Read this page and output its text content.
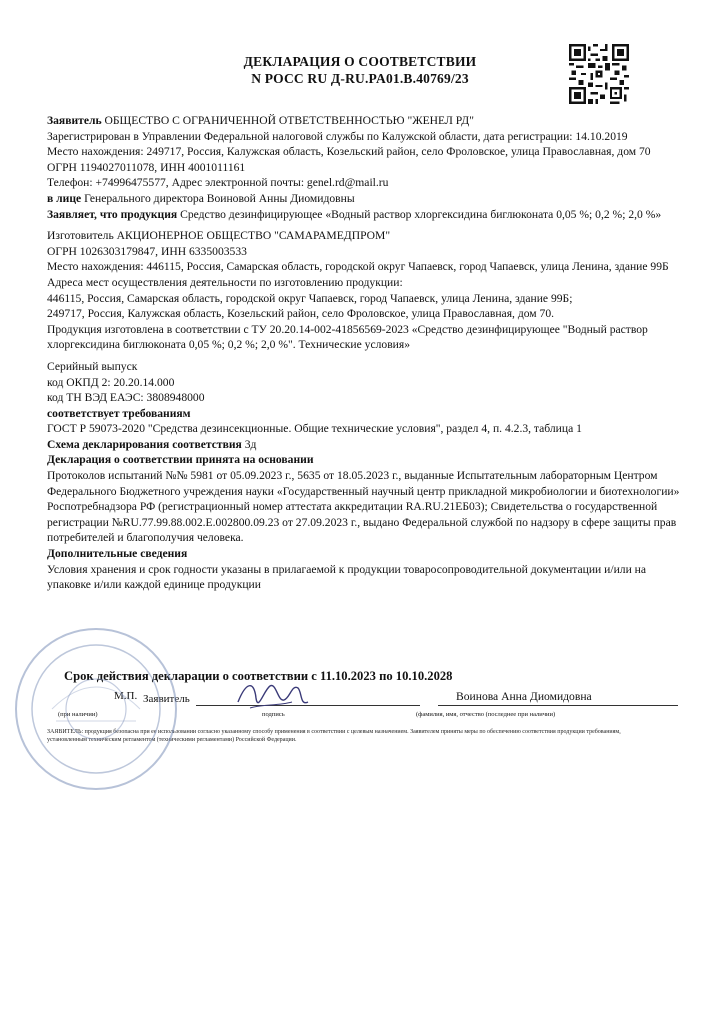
ДЕКЛАРАЦИЯ О СООТВЕТСТВИИ
N РОСС RU Д-RU.PA01.B.40769/23

Заявитель ОБЩЕСТВО С ОГРАНИЧЕННОЙ ОТВЕТСТВЕННОСТЬЮ "ЖЕНЕЛ РД"

Зарегистрирован в Управлении Федеральной налоговой службы по Калужской области, дата регистрации: 14.10.2019

Место нахождения: 249717, Россия, Калужская область, Козельский район, село Фроловское, улица Православная, дом 70

ОГРН 1194027011078, ИНН 4001011161

Телефон: +74996475577, Адрес электронной почты: genel.rd@mail.ru

в лице Генерального директора Воиновой Анны Диомидовны

Заявляет, что продукция Средство дезинфицирующее «Водный раствор хлоргексидина биглюконата 0,05 %; 0,2 %; 2,0 %»

Изготовитель АКЦИОНЕРНОЕ ОБЩЕСТВО "САМАРАМЕДПРОМ"

ОГРН 1026303179847, ИНН 6335003533

Место нахождения: 446115, Россия, Самарская область, городской округ Чапаевск, город Чапаевск, улица Ленина, здание 99Б

Адреса мест осуществления деятельности по изготовлению продукции:

446115, Россия, Самарская область, городской округ Чапаевск, город Чапаевск, улица Ленина, здание 99Б;

249717, Россия, Калужская область, Козельский район, село Фроловское, улица Православная, дом 70.

Продукция изготовлена в соответствии с ТУ 20.20.14-002-41856569-2023 «Средство дезинфицирующее "Водный раствор хлоргексидина биглюконата 0,05 %; 0,2 %; 2,0 %". Технические условия»

Серийный выпуск

код ОКПД 2: 20.20.14.000

код ТН ВЭД ЕАЭС: 3808948000

соответствует требованиям

ГОСТ Р 59073-2020 "Средства дезинсекционные. Общие технические условия", раздел 4, п. 4.2.3, таблица 1

Схема декларирования соответствия 3д

Декларация о соответствии принята на основании

Протоколов испытаний №№ 5981 от 05.09.2023 г., 5635 от 18.05.2023 г., выданные Испытательным лабораторным Центром Федерального Бюджетного учреждения науки «Государственный научный центр прикладной микробиологии и биотехнологии» Роспотребнадзора РФ (регистрационный номер аттестата аккредитации RA.RU.21ЕБ03); Свидетельства о государственной регистрации №RU.77.99.88.002.Е.002800.09.23 от 27.09.2023 г., выдано Федеральной службой по надзору в сфере защиты прав потребителей и благополучия человека.

Дополнительные сведения

Условия хранения и срок годности указаны в прилагаемой к продукции товаросопроводительной документации и/или на упаковке и/или каждой единице продукции

Срок действия декларации о соответствии с 11.10.2023 по 10.10.2028
М.П. Заявитель	Воинова Анна Диомидовна
(при наличии)	подпись	(фамилия, имя, отчество (последнее при наличии)
ЗАЯВИТЕЛЬ: продукция безопасна при ее использовании согласно указанному способу применения в соответствии с целевым назначением. Заявителем приняты меры по обеспечению соответствия продукции требованиям, установленным техническим регламентом (техническими регламентами) Российской Федерации.
